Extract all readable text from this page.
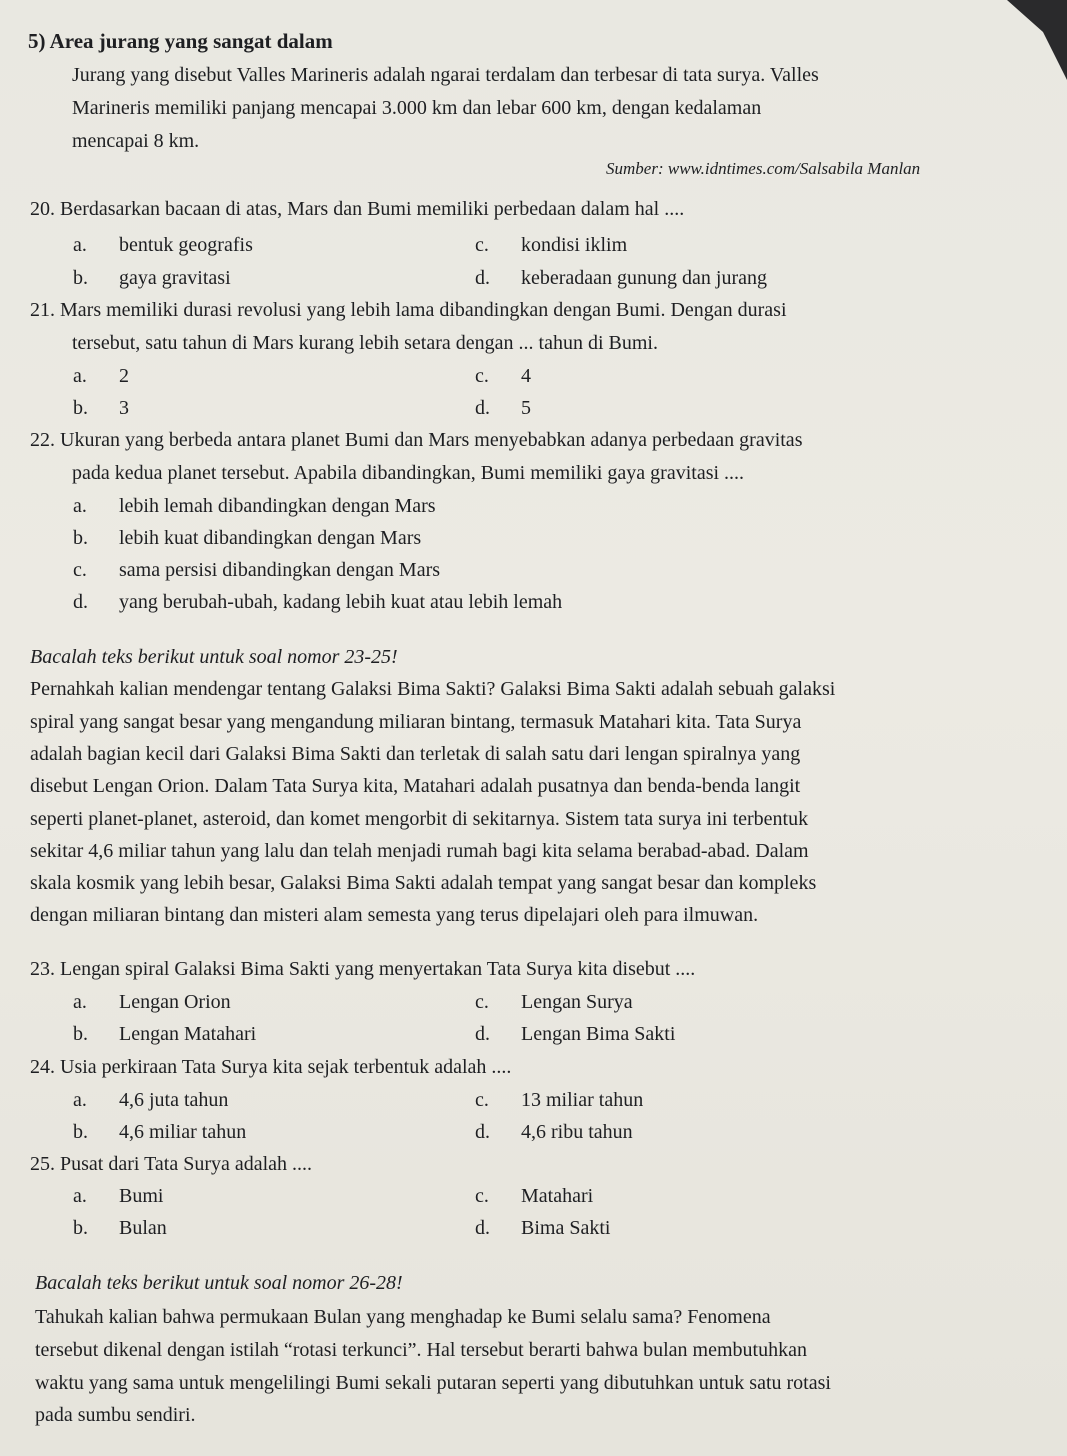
5) Area jurang yang sangat dalam
Jurang yang disebut Valles Marineris adalah ngarai terdalam dan terbesar di tata surya. Valles
Marineris memiliki panjang mencapai 3.000 km dan lebar 600 km, dengan kedalaman
mencapai 8 km.
Sumber: www.idntimes.com/Salsabila Manlan
20. Berdasarkan bacaan di atas, Mars dan Bumi memiliki perbedaan dalam hal ....
a. bentuk geografis	c. kondisi iklim
b. gaya gravitasi	d. keberadaan gunung dan jurang
21. Mars memiliki durasi revolusi yang lebih lama dibandingkan dengan Bumi. Dengan durasi
tersebut, satu tahun di Mars kurang lebih setara dengan ... tahun di Bumi.
a. 2	c. 4
b. 3	d. 5
22. Ukuran yang berbeda antara planet Bumi dan Mars menyebabkan adanya perbedaan gravitas
pada kedua planet tersebut. Apabila dibandingkan, Bumi memiliki gaya gravitasi ....
a. lebih lemah dibandingkan dengan Mars
b. lebih kuat dibandingkan dengan Mars
c. sama persisi dibandingkan dengan Mars
d. yang berubah-ubah, kadang lebih kuat atau lebih lemah
Bacalah teks berikut untuk soal nomor 23-25!
Pernahkah kalian mendengar tentang Galaksi Bima Sakti? Galaksi Bima Sakti adalah sebuah galaksi
spiral yang sangat besar yang mengandung miliaran bintang, termasuk Matahari kita. Tata Surya
adalah bagian kecil dari Galaksi Bima Sakti dan terletak di salah satu dari lengan spiralnya yang
disebut Lengan Orion. Dalam Tata Surya kita, Matahari adalah pusatnya dan benda-benda langit
seperti planet-planet, asteroid, dan komet mengorbit di sekitarnya. Sistem tata surya ini terbentuk
sekitar 4,6 miliar tahun yang lalu dan telah menjadi rumah bagi kita selama berabad-abad. Dalam
skala kosmik yang lebih besar, Galaksi Bima Sakti adalah tempat yang sangat besar dan kompleks
dengan miliaran bintang dan misteri alam semesta yang terus dipelajari oleh para ilmuwan.
23. Lengan spiral Galaksi Bima Sakti yang menyertakan Tata Surya kita disebut ....
a. Lengan Orion	c. Lengan Surya
b. Lengan Matahari	d. Lengan Bima Sakti
24. Usia perkiraan Tata Surya kita sejak terbentuk adalah ....
a. 4,6 juta tahun	c. 13 miliar tahun
b. 4,6 miliar tahun	d. 4,6 ribu tahun
25. Pusat dari Tata Surya adalah ....
a. Bumi	c. Matahari
b. Bulan	d. Bima Sakti
Bacalah teks berikut untuk soal nomor 26-28!
Tahukah kalian bahwa permukaan Bulan yang menghadap ke Bumi selalu sama? Fenomena
tersebut dikenal dengan istilah “rotasi terkunci”. Hal tersebut berarti bahwa bulan membutuhkan
waktu yang sama untuk mengelilingi Bumi sekali putaran seperti yang dibutuhkan untuk satu rotasi
pada sumbu sendiri.
